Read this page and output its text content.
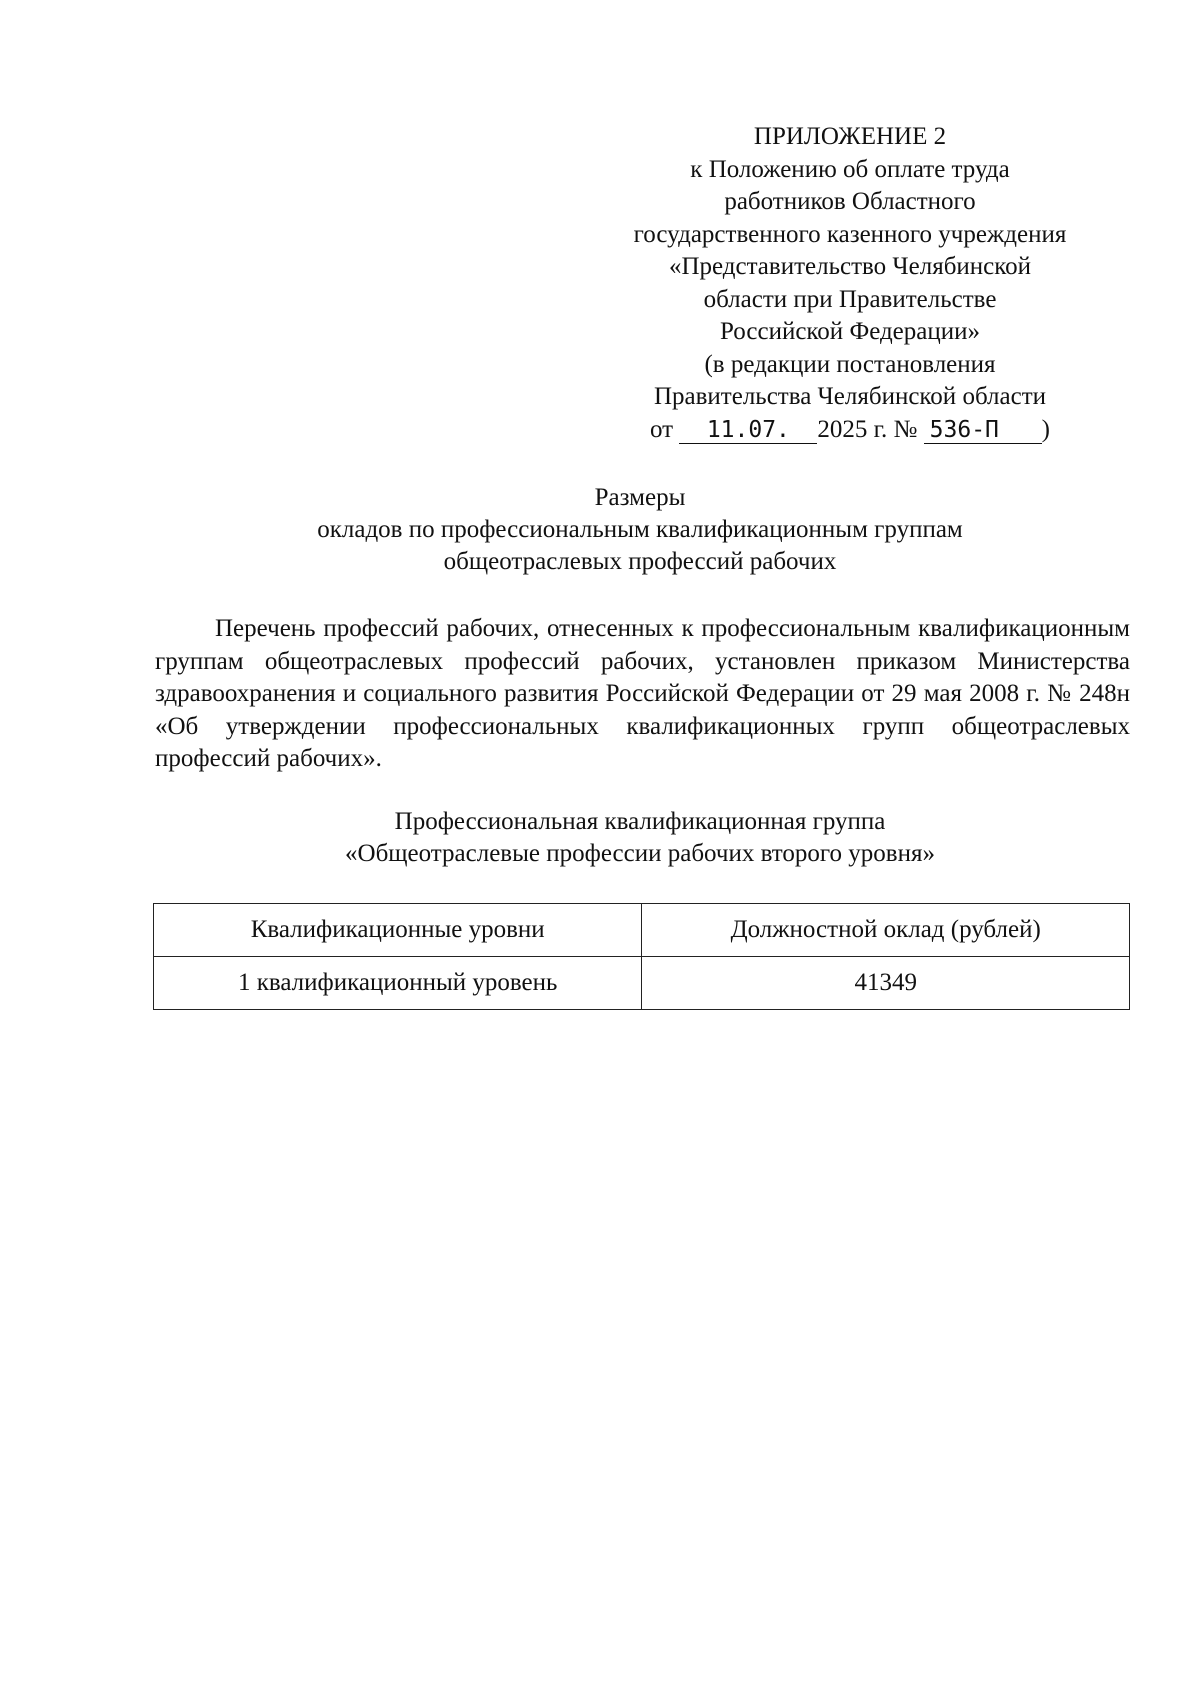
ПРИЛОЖЕНИЕ 2
к Положению об оплате труда
работников Областного
государственного казенного учреждения
«Представительство Челябинской
области при Правительстве
Российской Федерации»
(в редакции постановления
Правительства Челябинской области
от 11.07. 2025 г. № 536-П )
Размеры
окладов по профессиональным квалификационным группам
общеотраслевых профессий рабочих

Перечень профессий рабочих, отнесенных к профессиональным квалификационным группам общеотраслевых профессий рабочих, установлен приказом Министерства здравоохранения и социального развития Российской Федерации от 29 мая 2008 г. № 248н «Об утверждении профессиональных квалификационных групп общеотраслевых профессий рабочих».

Профессиональная квалификационная группа
«Общеотраслевые профессии рабочих второго уровня»
Квалификационные уровни	Должностной оклад (рублей)
1 квалификационный уровень	41349
